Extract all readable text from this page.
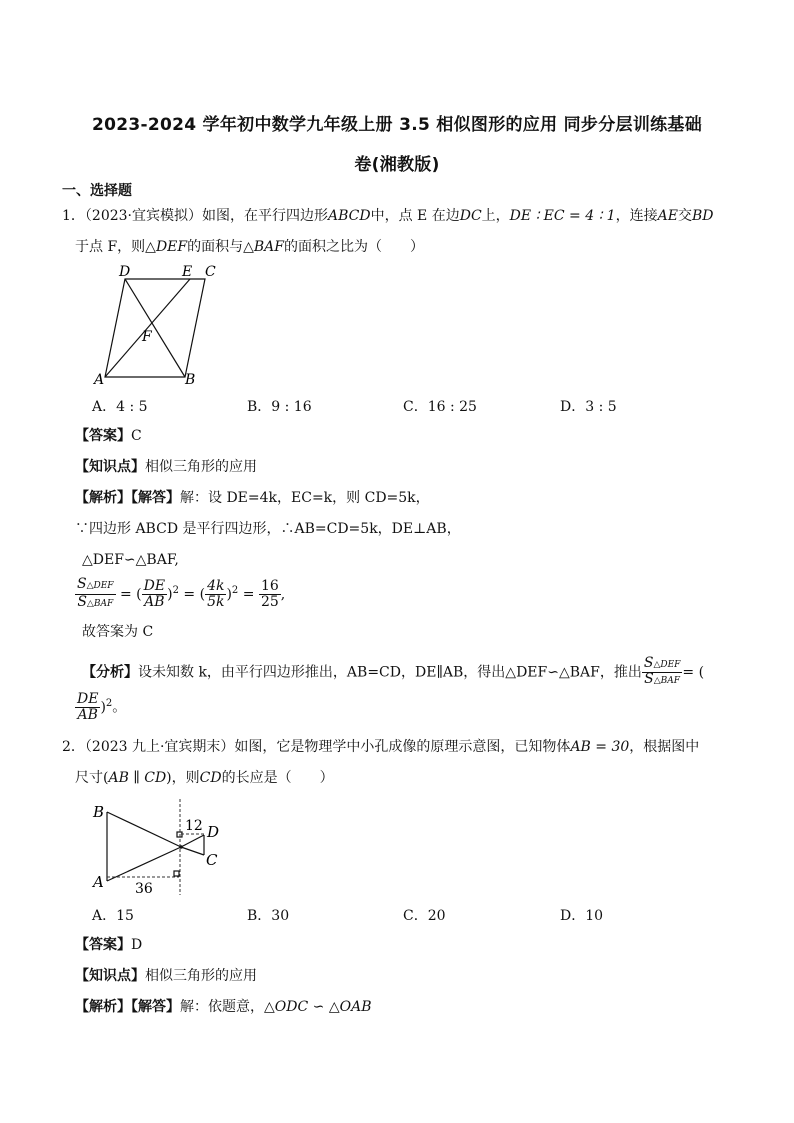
2023-2024 学年初中数学九年级上册 3.5 相似图形的应用 同步分层训练基础
卷(湘教版)
一、选择题
1．（2023·宜宾模拟）如图，在平行四边形ABCD中，点 E 在边DC上，DE ∶ EC = 4 ∶ 1，连接AE交BD
于点 F，则△DEF的面积与△BAF的面积之比为（　　）
D	E C
F
A	B
A．4 : 5	B．9 : 16	C．16 : 25	D．3 : 5
【答案】C
【知识点】相似三角形的应用
【解析】【解答】解：设 DE=4k，EC=k，则 CD=5k，
∵四边形 ABCD 是平行四边形，∴AB=CD=5k，DE⊥AB，
△DEF∽△BAF,
$\frac{\text{S△DEF}}{\text{S△BAF}}$ = ( $\frac{DE}{AB} )^2$ = ( $\frac{4k}{5k} )^2 = \frac{16}{25}$ ,
故答案为 C
【分析】设未知数 k，由平行四边形推出，AB=CD，DE∥AB，得出△DEF∽△BAF，推出 $\frac{\text{S△DEF}}{\text{S△BAF}}$ = (
$\frac{DE}{AB} )^2$。
2．（2023 九上·宜宾期末）如图，它是物理学中小孔成像的原理示意图，已知物体AB = 30，根据图中
尺寸(AB ∥ CD)，则CD的长应是（　　）
B
A
D
C
12
36
A．15	B．30	C．20	D．10
【答案】D
【知识点】相似三角形的应用
【解析】【解答】解：依题意，△ODC ∽ △OAB
